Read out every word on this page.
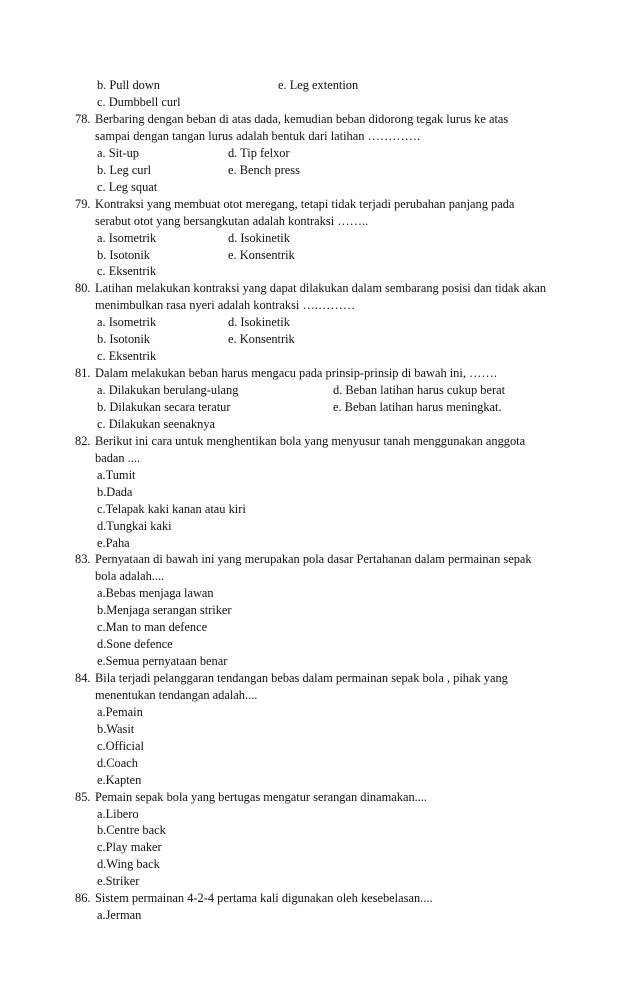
b. Pull down	e. Leg extention
c. Dumbbell curl
78. Berbaring dengan beban di atas dada, kemudian beban didorong tegak lurus ke atas
sampai dengan tangan lurus adalah bentuk dari latihan ………….
a. Sit-up	d. Tip felxor
b. Leg curl	e. Bench press
c. Leg squat
79. Kontraksi yang membuat otot meregang, tetapi tidak terjadi perubahan panjang pada
serabut otot yang bersangkutan adalah kontraksi ……..
a. Isometrik	d. Isokinetik
b. Isotonik	e. Konsentrik
c. Eksentrik
80. Latihan melakukan kontraksi yang dapat dilakukan dalam sembarang posisi dan tidak akan
menimbulkan rasa nyeri adalah kontraksi ….………
a. Isometrik	d. Isokinetik
b. Isotonik	e. Konsentrik
c. Eksentrik
81. Dalam melakukan beban harus mengacu pada prinsip-prinsip di bawah ini, …….
a. Dilakukan berulang-ulang	d. Beban latihan harus cukup berat
b. Dilakukan secara teratur	e. Beban latihan harus meningkat.
c. Dilakukan seenaknya
82. Berikut ini cara untuk menghentikan bola yang menyusur tanah menggunakan anggota
badan ....
a.Tumit
b.Dada
c.Telapak kaki kanan atau kiri
d.Tungkai kaki
e.Paha
83. Pernyataan di bawah ini yang merupakan pola dasar Pertahanan dalam permainan sepak
bola adalah....
a.Bebas menjaga lawan
b.Menjaga serangan striker
c.Man to man defence
d.Sone defence
e.Semua pernyataan benar
84. Bila terjadi pelanggaran tendangan bebas dalam permainan sepak bola , pihak yang
menentukan tendangan adalah....
a.Pemain
b.Wasit
c.Official
d.Coach
e.Kapten
85. Pemain sepak bola yang bertugas mengatur serangan dinamakan....
a.Libero
b.Centre back
c.Play maker
d.Wing back
e.Striker
86. Sistem permainan 4-2-4 pertama kali digunakan oleh kesebelasan....
a.Jerman
